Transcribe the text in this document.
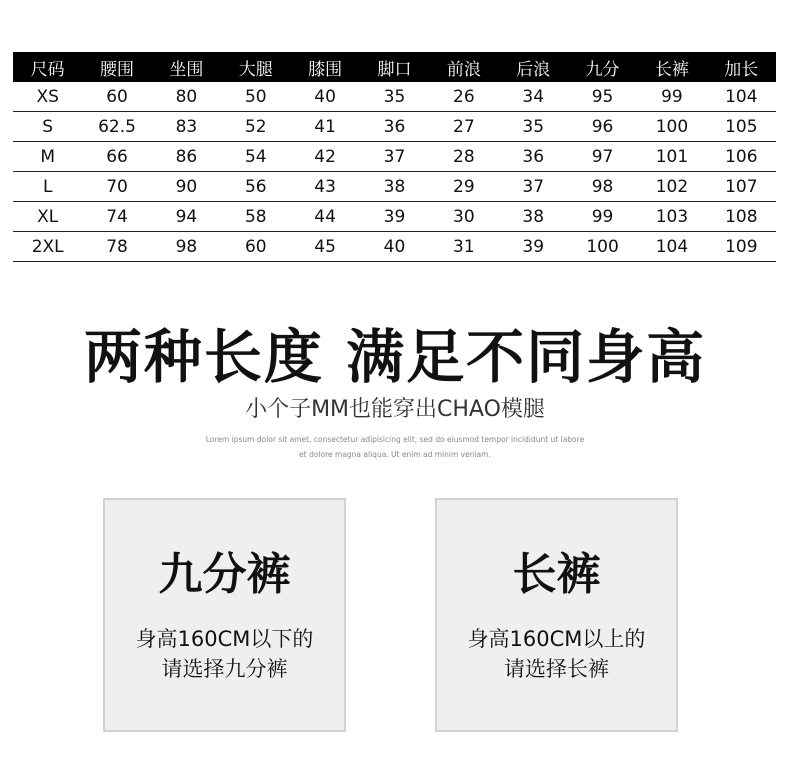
尺码	腰围	坐围	大腿	膝围	脚口	前浪	后浪	九分	长裤	加长
XS	60	80	50	40	35	26	34	95	99	104
S	62.5	83	52	41	36	27	35	96	100	105
M	66	86	54	42	37	28	36	97	101	106
L	70	90	56	43	38	29	37	98	102	107
XL	74	94	58	44	39	30	38	99	103	108
2XL	78	98	60	45	40	31	39	100	104	109
两种长度 满足不同身高
小个子MM也能穿出CHAO模腿
Lorem ipsum dolor sit amet, consectetur adipisicing elit, sed do eiusmod tempor incididunt ut labore
et dolore magna aliqua. Ut enim ad minim veniam.
九分裤
身高160CM以下的
请选择九分裤
长裤
身高160CM以上的
请选择长裤
